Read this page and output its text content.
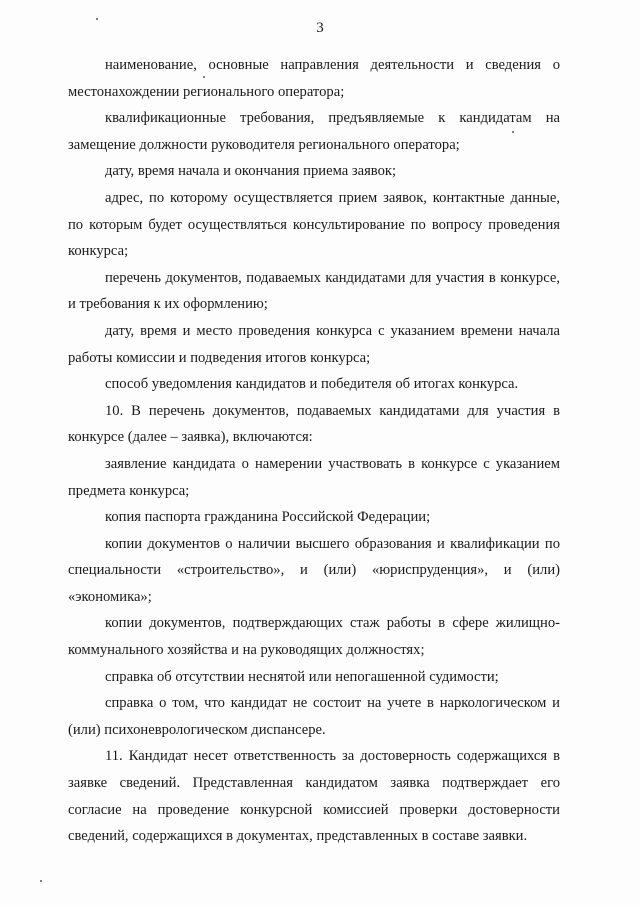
3

наименование, основные направления деятельности и сведения о местонахождении регионального оператора;

квалификационные требования, предъявляемые к кандидатам на замещение должности руководителя регионального оператора;

дату, время начала и окончания приема заявок;

адрес, по которому осуществляется прием заявок, контактные данные, по которым будет осуществляться консультирование по вопросу проведения конкурса;

перечень документов, подаваемых кандидатами для участия в конкурсе, и требования к их оформлению;

дату, время и место проведения конкурса с указанием времени начала работы комиссии и подведения итогов конкурса;

способ уведомления кандидатов и победителя об итогах конкурса.

10. В перечень документов, подаваемых кандидатами для участия в конкурсе (далее – заявка), включаются:

заявление кандидата о намерении участвовать в конкурсе с указанием предмета конкурса;

копия паспорта гражданина Российской Федерации;

копии документов о наличии высшего образования и квалификации по специальности «строительство», и (или) «юриспруденция», и (или) «экономика»;

копии документов, подтверждающих стаж работы в сфере жилищно-коммунального хозяйства и на руководящих должностях;

справка об отсутствии неснятой или непогашенной судимости;

справка о том, что кандидат не состоит на учете в наркологическом и (или) психоневрологическом диспансере.

11. Кандидат несет ответственность за достоверность содержащихся в заявке сведений. Представленная кандидатом заявка подтверждает его согласие на проведение конкурсной комиссией проверки достоверности сведений, содержащихся в документах, представленных в составе заявки.
